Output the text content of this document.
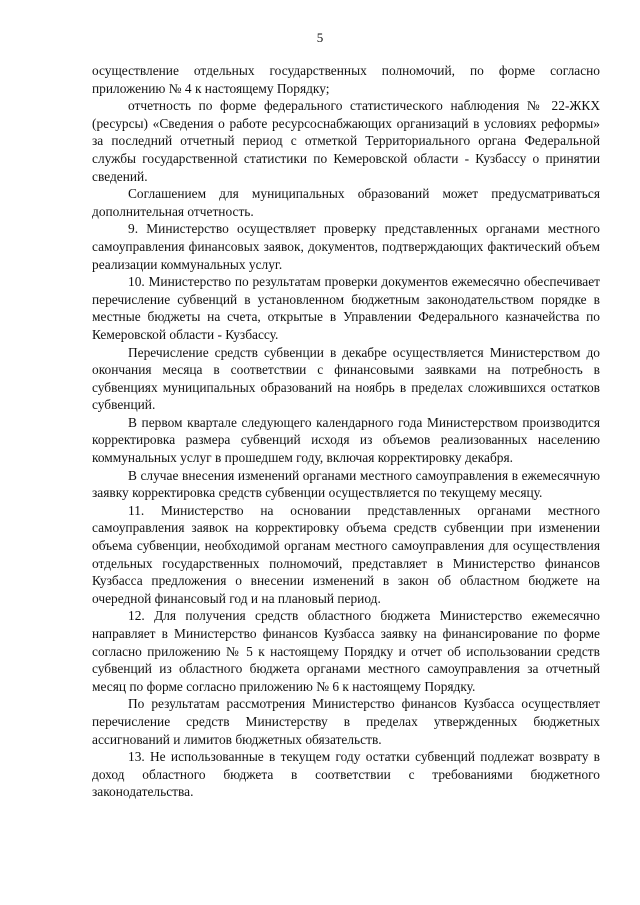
5

осуществление отдельных государственных полномочий, по форме согласно приложению № 4 к настоящему Порядку;

отчетность по форме федерального статистического наблюдения № 22-ЖКХ (ресурсы) «Сведения о работе ресурсоснабжающих организаций в условиях реформы» за последний отчетный период с отметкой Территориального органа Федеральной службы государственной статистики по Кемеровской области - Кузбассу о принятии сведений.

Соглашением для муниципальных образований может предусматриваться дополнительная отчетность.

9. Министерство осуществляет проверку представленных органами местного самоуправления финансовых заявок, документов, подтверждающих фактический объем реализации коммунальных услуг.

10. Министерство по результатам проверки документов ежемесячно обеспечивает перечисление субвенций в установленном бюджетным законодательством порядке в местные бюджеты на счета, открытые в Управлении Федерального казначейства по Кемеровской области - Кузбассу.

Перечисление средств субвенции в декабре осуществляется Министерством до окончания месяца в соответствии с финансовыми заявками на потребность в субвенциях муниципальных образований на ноябрь в пределах сложившихся остатков субвенций.

В первом квартале следующего календарного года Министерством производится корректировка размера субвенций исходя из объемов реализованных населению коммунальных услуг в прошедшем году, включая корректировку декабря.

В случае внесения изменений органами местного самоуправления в ежемесячную заявку корректировка средств субвенции осуществляется по текущему месяцу.

11. Министерство на основании представленных органами местного самоуправления заявок на корректировку объема средств субвенции при изменении объема субвенции, необходимой органам местного самоуправления для осуществления отдельных государственных полномочий, представляет в Министерство финансов Кузбасса предложения о внесении изменений в закон об областном бюджете на очередной финансовый год и на плановый период.

12. Для получения средств областного бюджета Министерство ежемесячно направляет в Министерство финансов Кузбасса заявку на финансирование по форме согласно приложению № 5 к настоящему Порядку и отчет об использовании средств субвенций из областного бюджета органами местного самоуправления за отчетный месяц по форме согласно приложению № 6 к настоящему Порядку.

По результатам рассмотрения Министерство финансов Кузбасса осуществляет перечисление средств Министерству в пределах утвержденных бюджетных ассигнований и лимитов бюджетных обязательств.

13. Не использованные в текущем году остатки субвенций подлежат возврату в доход областного бюджета в соответствии с требованиями бюджетного законодательства.
